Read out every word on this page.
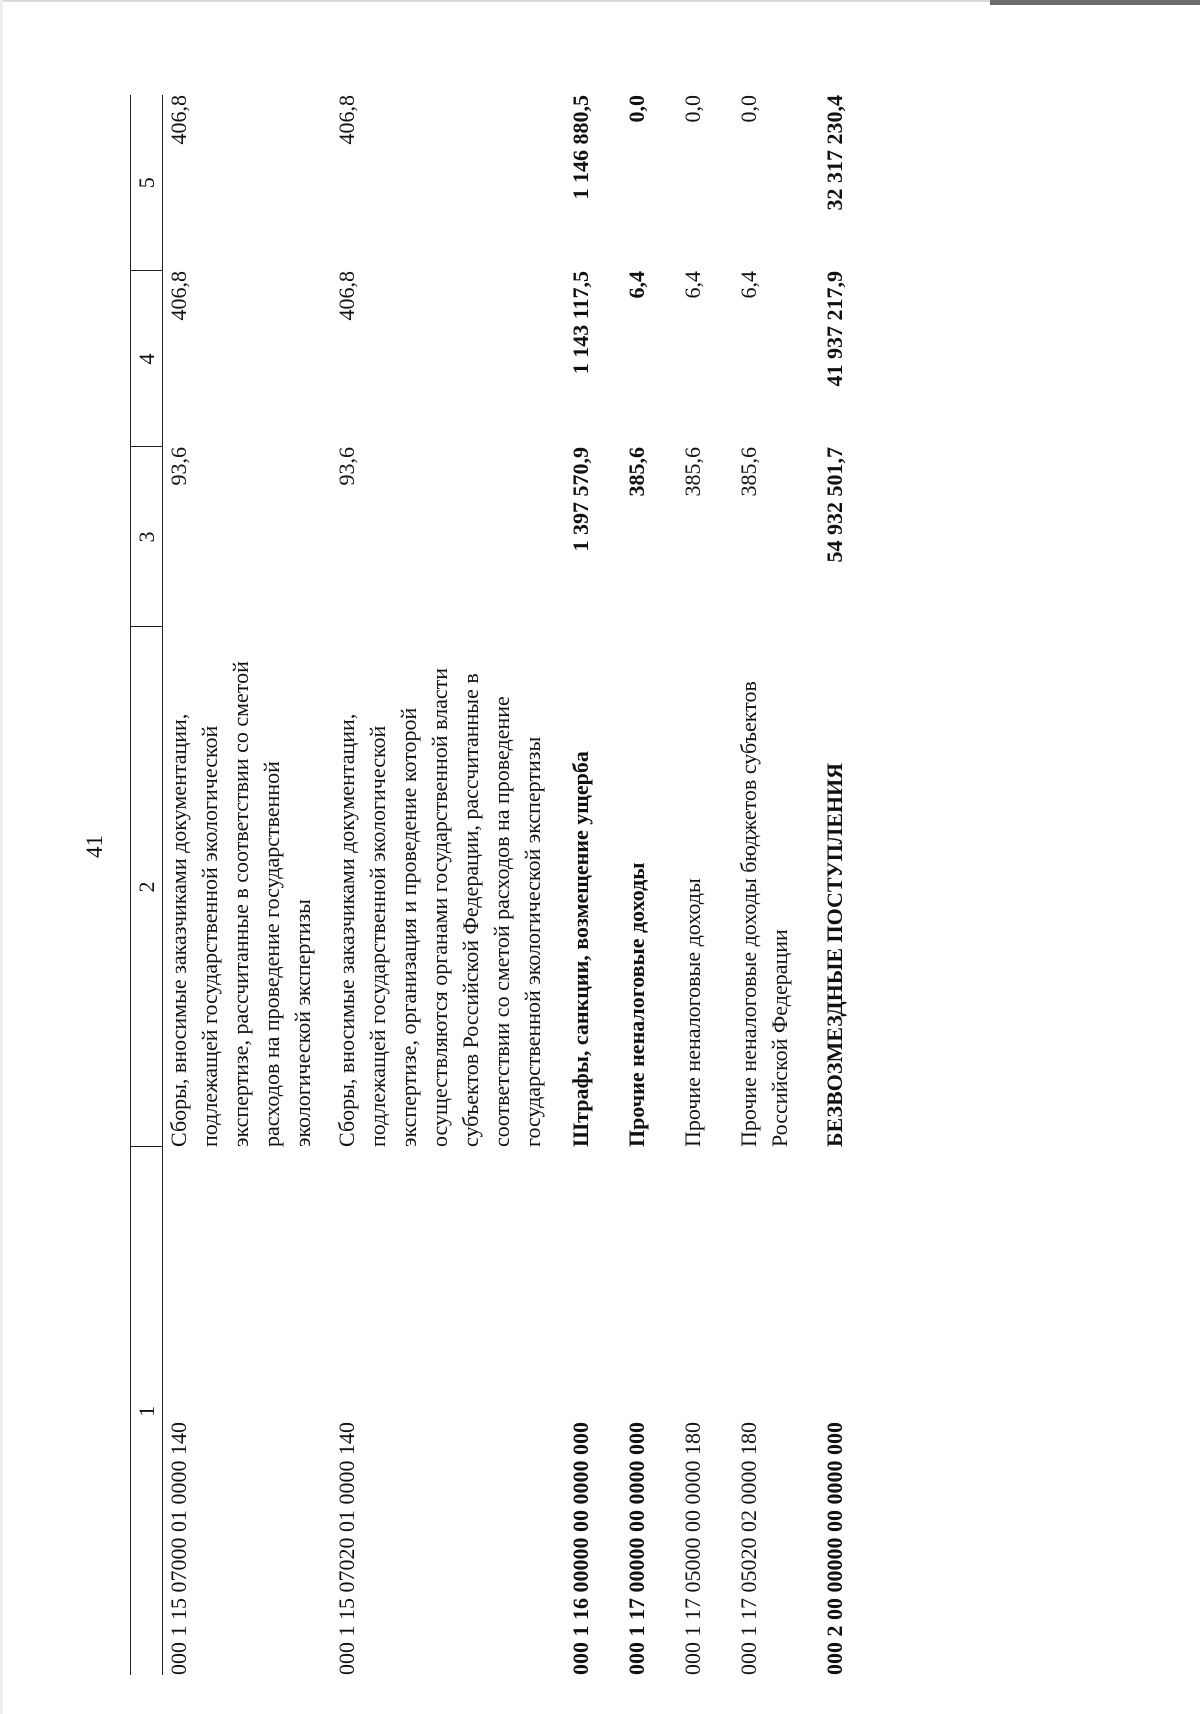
41
1	2	3	4	5
000 1 15 07000 01 0000 140	Сборы, вносимые заказчиками документации, подлежащей государственной экологической экспертизе, рассчитанные в соответствии со сметой расходов на проведение государственной экологической экспертизы	93,6	406,8	406,8
000 1 15 07020 01 0000 140	Сборы, вносимые заказчиками документации, подлежащей государственной экологической экспертизе, организация и проведение которой осуществляются органами государственной власти субъектов Российской Федерации, рассчитанные в соответствии со сметой расходов на проведение государственной экологической экспертизы	93,6	406,8	406,8
000 1 16 00000 00 0000 000	Штрафы, санкции, возмещение ущерба	1 397 570,9	1 143 117,5	1 146 880,5
000 1 17 00000 00 0000 000	Прочие неналоговые доходы	385,6	6,4	0,0
000 1 17 05000 00 0000 180	Прочие неналоговые доходы	385,6	6,4	0,0
000 1 17 05020 02 0000 180	Прочие неналоговые доходы бюджетов субъектов Российской Федерации	385,6	6,4	0,0
000 2 00 00000 00 0000 000	БЕЗВОЗМЕЗДНЫЕ ПОСТУПЛЕНИЯ	54 932 501,7	41 937 217,9	32 317 230,4
